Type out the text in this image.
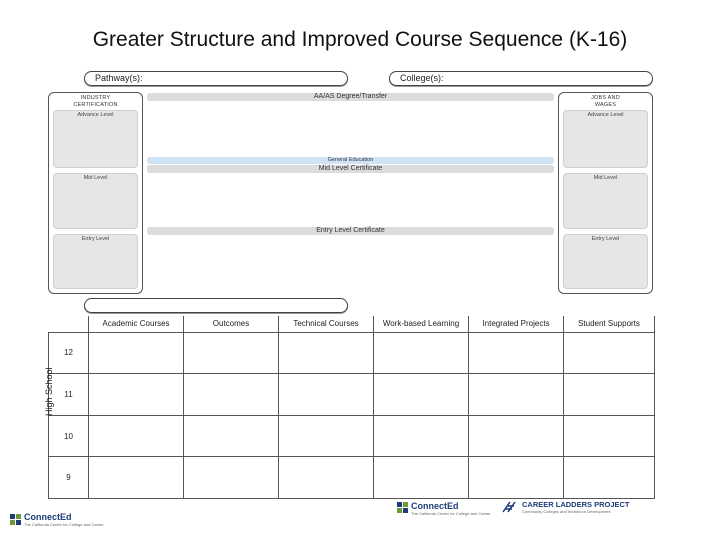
Greater Structure and Improved Course Sequence (K-16)
Pathway(s):	College(s):
INDUSTRY CERTIFICATION
Advance Level
Mid Level
Entry Level
JOBS AND WAGES
Advance Level
Mid Level
Entry Level
AA/AS Degree/Transfer
General Education
Mid Level Certificate
Entry Level Certificate
	Academic Courses	Outcomes	Technical Courses	Work-based Learning	Integrated Projects	Student Supports
12						
11						
10						
9						
High School
ConnectEd
The California Center for College and Career
ConnectEd
The California Center for College and Career
CAREER LADDERS PROJECT
Community Colleges and Workforce Development
